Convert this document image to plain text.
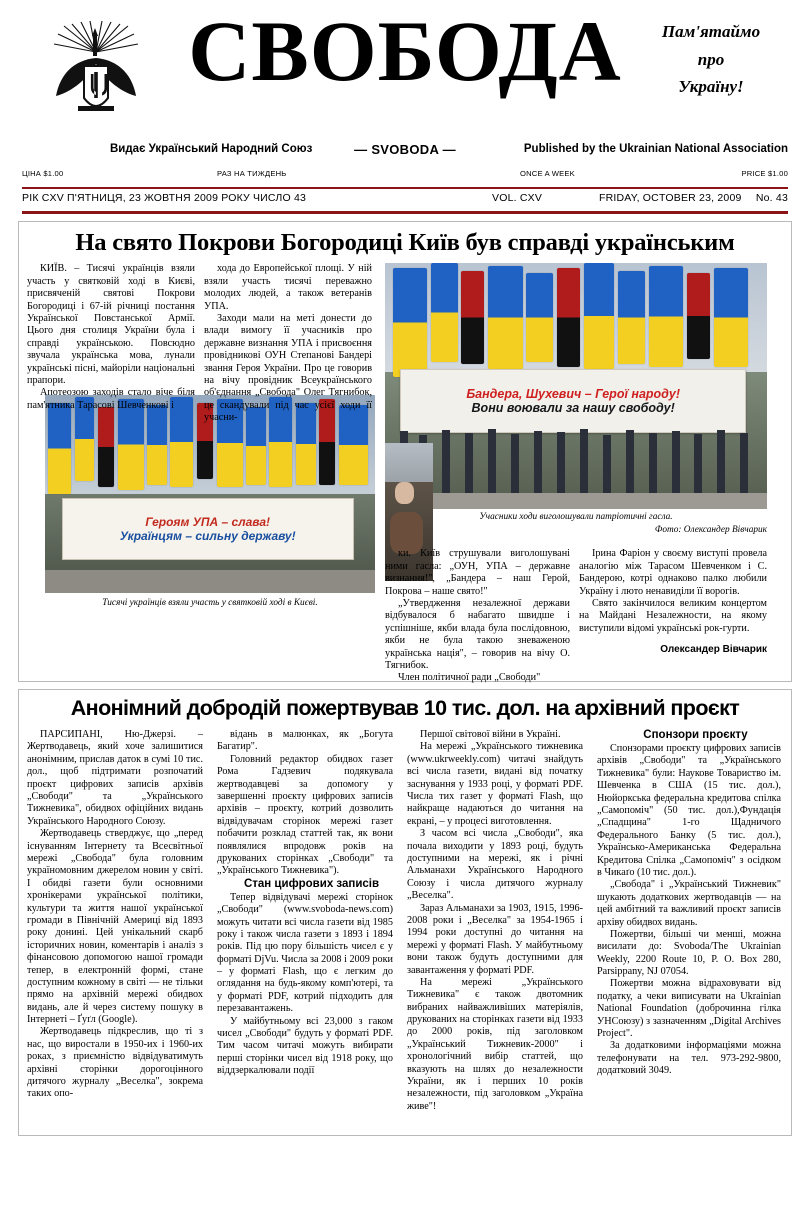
СВОБОДА	Пам'ятаймо
про
Україну!
Видає Український Народний Союз	— SVOBODA —	Published by the Ukrainian National Association
ЦІНА $1.00	РАЗ НА ТИЖДЕНЬ	ONCE A WEEK	PRICE $1.00
РІК CXV П'ЯТНИЦЯ, 23 ЖОВТНЯ 2009 РОКУ ЧИСЛО 43	VOL. CXV	FRIDAY, OCTOBER 23, 2009 No. 43
На свято Покрови Богородиці Київ був справді українським
Бандера, Шухевич – Герої народу!
Вони воювали за нашу свободу!
Учасники ходи виголошували патріотичні гасла.
Фото: Олександер Вівчарик
Героям УПА – слава!
Українцям – сильну державу!
Тисячі українців взяли участь у святковій ході в Києві.

КИЇВ. – Тисячі українців взяли участь у святковій ході в Києві, присвяченій святові Покрови Богородиці і 67-ій річниці постання Української Повстанської Армії. Цього дня столиця України була і справді українською. Повсюдно звучала українська мова, лунали українські пісні, майоріли національні прапори.

Апотеозою заходів стало віче біля пам'ятника Тарасові Шевченкові і

хода до Европейської площі. У ній взяли участь тисячі переважно молодих людей, а також ветеранів УПА.

Заходи мали на меті донести до влади вимогу її учасників про державне визнання УПА і присвоєння провідникові ОУН Степанові Бандері звання Героя України. Про це говорив на вічу провідник Всеукраїнського об'єднання „Свобода" Олег Тягнибок, це скандували під час усієї ходи її учасни-

ки. Київ струшували виголошувані ними гасла: „ОУН, УПА – державне визнання!", „Бандера – наш Герой, Покрова – наше свято!"

„Утвердження незалежної держави відбувалося б набагато швидше і успішніше, якби влада була послідовною, якби не була такою зневаженою українська нація", – говорив на вічу О. Тягнибок.

Член політичної ради „Свободи"

Ірина Фаріон у своєму виступі провела аналогію між Тарасом Шевченком і С. Бандерою, котрі однаково палко любили Україну і люто ненавиділи її ворогів.

Свято закінчилося великим концертом на Майдані Незалежности, на якому виступили відомі українські рок-гурти.

Олександер Вівчарик
Анонімний добродій пожертвував 10 тис. дол. на архівний проєкт

ПАРСИПАНІ, Ню-Джерзі. – Жертводавець, який хоче залишитися анонімним, прислав даток в сумі 10 тис. дол., щоб підтримати розпочатий проєкт цифрових записів архівів „Свободи" та „Українського Тижневика", обидвох офіційних видань Українського Народного Союзу.

Жертводавець стверджує, що „перед існуванням Інтернету та Всесвітньої мережі „Свобода" була головним україномовним джерелом новин у світі. І обидві газети були основними хронікерами української політики, культури та життя нашої української громади в Північній Америці від 1893 року донині. Цей унікальний скарб історичних новин, коментарів і аналіз з фінансовою допомогою нашої громади тепер, в електронній формі, стане доступним кожному в світі — не тільки прямо на архівній мережі обидвох видань, але й через систему пошуку в Інтернеті – Ґуґл (Google).

Жертводавець підкреслив, що ті з нас, що виростали в 1950-их і 1960-их роках, з приємністю відвідуватимуть архівні сторінки дорогоцінного дитячого журналу „Веселка", зокрема таких опо-

відань в малюнках, як „Богута Багатир".

Головний редактор обидвох газет Рома Гадзевич подякувала жертводавцеві за допомогу у завершенні проєкту цифрових записів архівів – проєкту, котрий дозволить відвідувачам сторінок мережі газет побачити розклад статтей так, як вони появлялися впродовж років на друкованих сторінках „Свободи" та „Українського Тижневика").

Стан цифрових записів

Тепер відвідувачі мережі сторінок „Свободи" (www.svoboda-news.com) можуть читати всі числа газети від 1985 року і також числа газети з 1893 і 1894 років. Під цю пору більшість чисел є у форматі DjVu. Числа за 2008 і 2009 роки – у форматі Flash, що є легким до оглядання на будь-якому комп'ютері, та у форматі PDF, котрий підходить для перезавантажень.

У майбутньому всі 23,000 з гаком чисел „Свободи" будуть у форматі PDF. Тим часом читачі можуть вибирати перші сторінки чисел від 1918 року, що віддзеркалювали події

Першої світової війни в Україні.

На мережі „Українського тижневика (www.ukrweekly.com) читачі знайдуть всі числа газети, видані від початку заснування у 1933 році, у форматі PDF. Числа тих газет у форматі Flash, що найкраще надаються до читання на екрані, – у процесі виготовлення.

З часом всі числа „Свободи", яка почала виходити у 1893 році, будуть доступними на мережі, як і річні Альманахи Українського Народного Союзу і числа дитячого журналу „Веселка".

Зараз Альманахи за 1903, 1915, 1996-2008 роки і „Веселка" за 1954-1965 і 1994 роки доступні до читання на мережі у форматі Flash. У майбутньому вони також будуть доступними для завантаження у форматі PDF.

На мережі „Українського Тижневика" є також двотомник вибраних найважливіших матеріялів, друкованих на сторінках газети від 1933 до 2000 років, під заголовком „Український Тижневик-2000" і хронологічний вибір статтей, що вказують на шлях до незалежности України, як і перших 10 років незалежности, під заголовком „Україна живе"!

Спонзори проєкту

Спонзорами проєкту цифрових записів архівів „Свободи" та „Українського Тижневика" були: Наукове Товариство ім. Шевченка в США (15 тис. дол.), Нюйоркська федеральна кредитова спілка „Самопоміч" (50 тис. дол.),Фундація „Спадщина" 1-го Щадничого Федерального Банку (5 тис. дол.), Українсько-Американська Федеральна Кредитова Спілка „Самопоміч" з осідком в Чикаґо (10 тис. дол.).

„Свобода" і „Український Тижневик" шукають додаткових жертводавців — на цей амбітний та важливий проєкт записів архіву обидвох видань.

Пожертви, більші чи менші, можна висилати до: Svoboda/The Ukrainian Weekly, 2200 Route 10, P. O. Box 280, Parsippany, NJ 07054.

Пожертви можна відраховувати від податку, а чеки виписувати на Ukrainian National Foundation (доброчинна гілка УНСоюзу) з зазначенням „Digital Archives Project".

За додатковими інформаціями можна телефонувати на тел. 973-292-9800, додатковий 3049.
